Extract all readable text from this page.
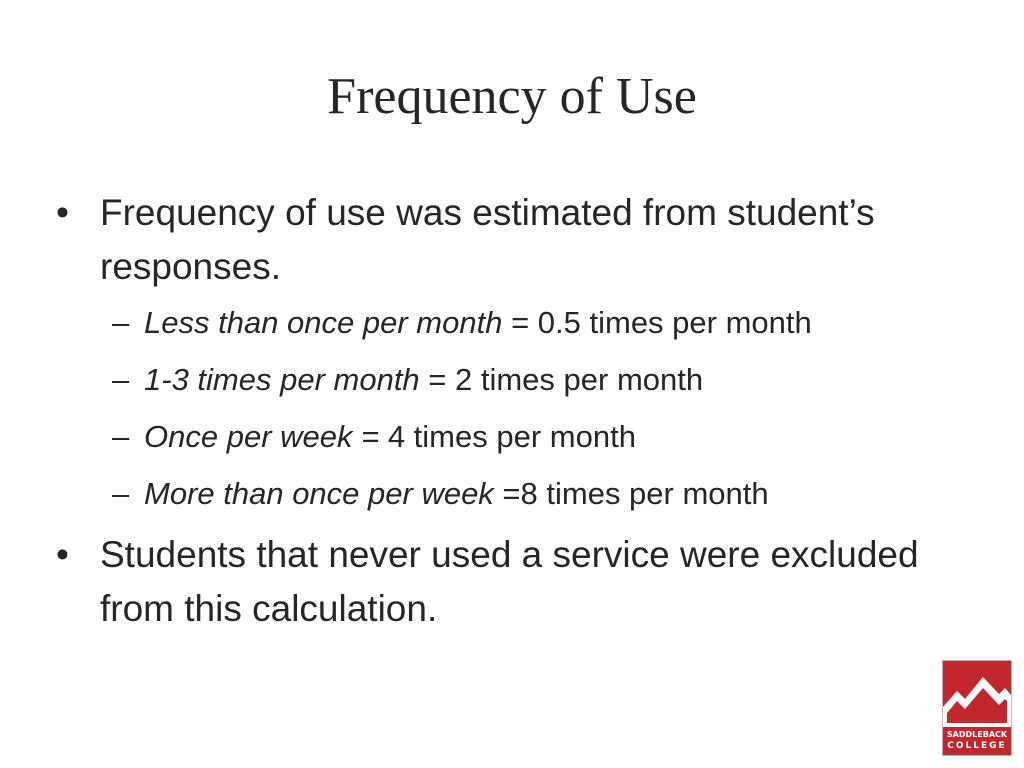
Frequency of Use
• Frequency of use was estimated from student’s responses.
– Less than once per month = 0.5 times per month
– 1-3 times per month = 2 times per month
– Once per week = 4 times per month
– More than once per week =8 times per month
• Students that never used a service were excluded from this calculation.
SADDLEBACK
COLLEGE
